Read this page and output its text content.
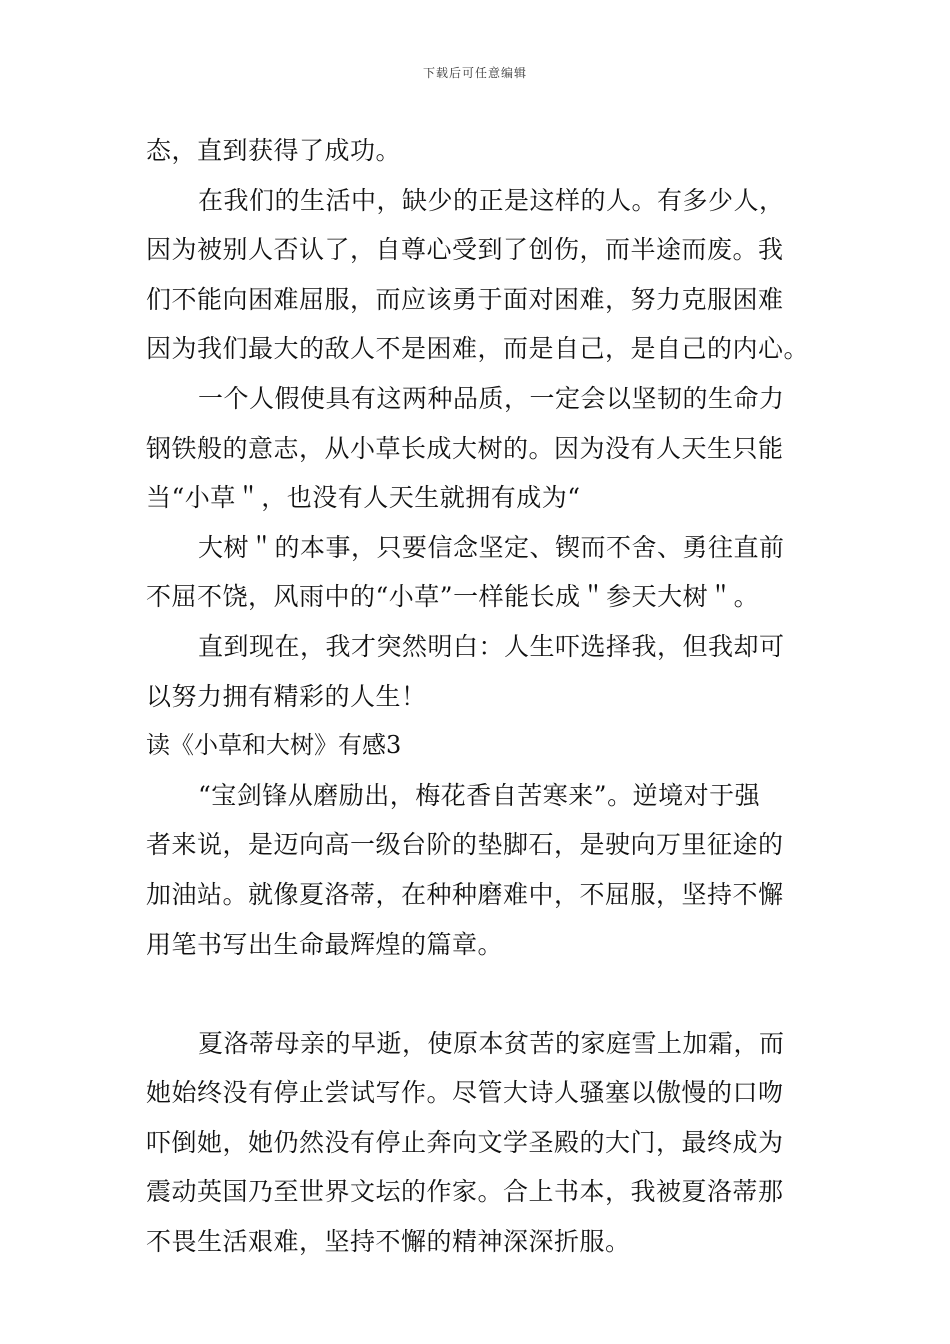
下载后可任意编辑
态，直到获得了成功。
在我们的生活中，缺少的正是这样的人。有多少人，
因为被别人否认了，自尊心受到了创伤，而半途而废。我
们不能向困难屈服，而应该勇于面对困难，努力克服困难
因为我们最大的敌人不是困难，而是自己，是自己的内心。
一个人假使具有这两种品质，一定会以坚韧的生命力
钢铁般的意志，从小草长成大树的。因为没有人天生只能
当“小草＂，也没有人天生就拥有成为“
大树＂的本事，只要信念坚定、锲而不舍、勇往直前
不屈不饶，风雨中的“小草”一样能长成＂参天大树＂。
直到现在，我才突然明白：人生吓选择我，但我却可
以努力拥有精彩的人生！
读《小草和大树》有感3
“宝剑锋从磨励出，梅花香自苦寒来”。逆境对于强
者来说，是迈向高一级台阶的垫脚石，是驶向万里征途的
加油站。就像夏洛蒂，在种种磨难中，不屈服，坚持不懈
用笔书写出生命最辉煌的篇章。
夏洛蒂母亲的早逝，使原本贫苦的家庭雪上加霜，而
她始终没有停止尝试写作。尽管大诗人骚塞以傲慢的口吻
吓倒她，她仍然没有停止奔向文学圣殿的大门，最终成为
震动英国乃至世界文坛的作家。合上书本，我被夏洛蒂那
不畏生活艰难，坚持不懈的精神深深折服。
